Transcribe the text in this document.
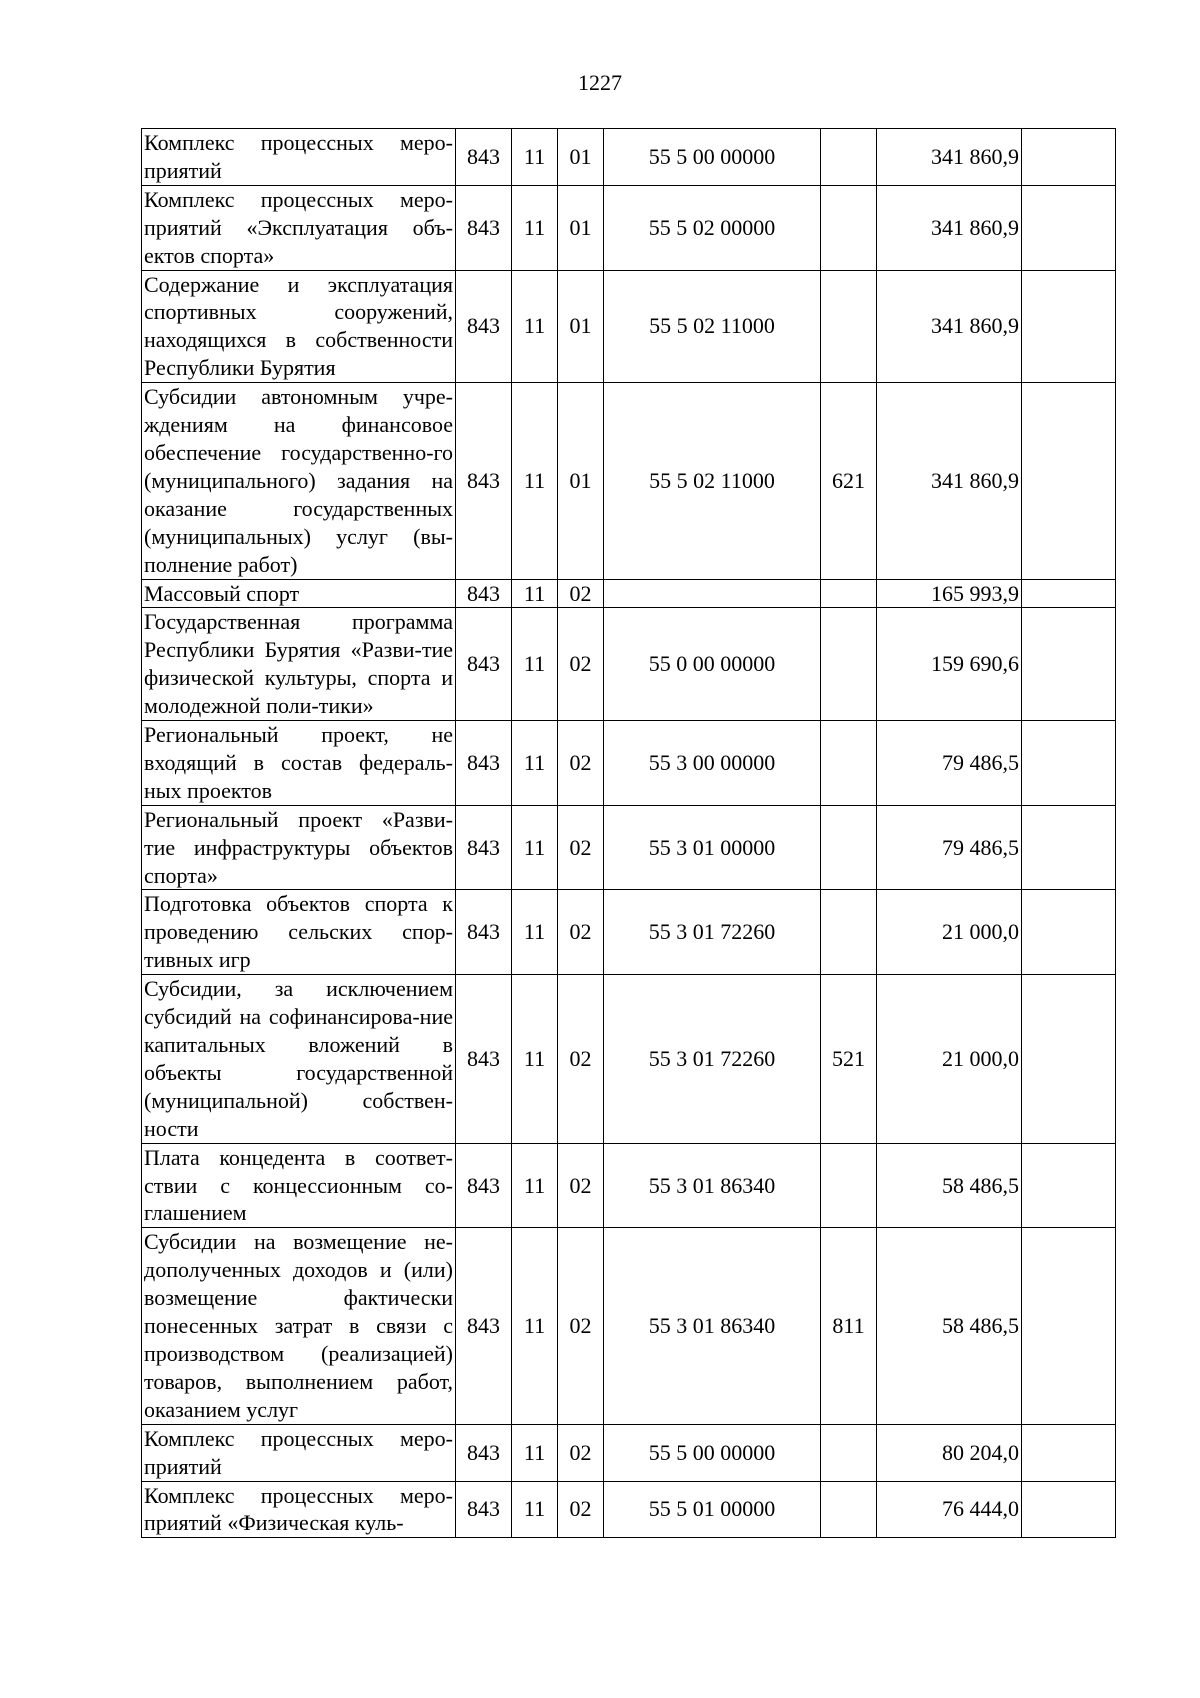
1227
Комплекс процессных меро-приятий	843	11	01	55 5 00 00000		341 860,9	
Комплекс процессных меро-приятий «Эксплуатация объ-ектов спорта»	843	11	01	55 5 02 00000		341 860,9	
Содержание и эксплуатация спортивных сооружений, находящихся в собственности Республики Бурятия	843	11	01	55 5 02 11000		341 860,9	
Субсидии автономным учре-ждениям на финансовое обеспечение государственно-го (муниципального) задания на оказание государственных (муниципальных) услуг (вы-полнение работ)	843	11	01	55 5 02 11000	621	341 860,9	
Массовый спорт	843	11	02			165 993,9	
Государственная программа Республики Бурятия «Разви-тие физической культуры, спорта и молодежной поли-тики»	843	11	02	55 0 00 00000		159 690,6	
Региональный проект, не входящий в состав федераль-ных проектов	843	11	02	55 3 00 00000		79 486,5	
Региональный проект «Разви-тие инфраструктуры объектов спорта»	843	11	02	55 3 01 00000		79 486,5	
Подготовка объектов спорта к проведению сельских спор-тивных игр	843	11	02	55 3 01 72260		21 000,0	
Субсидии, за исключением субсидий на софинансирова-ние капитальных вложений в объекты государственной (муниципальной) собствен-ности	843	11	02	55 3 01 72260	521	21 000,0	
Плата концедента в соответ-ствии с концессионным со-глашением	843	11	02	55 3 01 86340		58 486,5	
Субсидии на возмещение не-дополученных доходов и (или) возмещение фактически понесенных затрат в связи с производством (реализацией) товаров, выполнением работ, оказанием услуг	843	11	02	55 3 01 86340	811	58 486,5	
Комплекс процессных меро-приятий	843	11	02	55 5 00 00000		80 204,0	
Комплекс процессных меро-приятий «Физическая куль-	843	11	02	55 5 01 00000		76 444,0	
